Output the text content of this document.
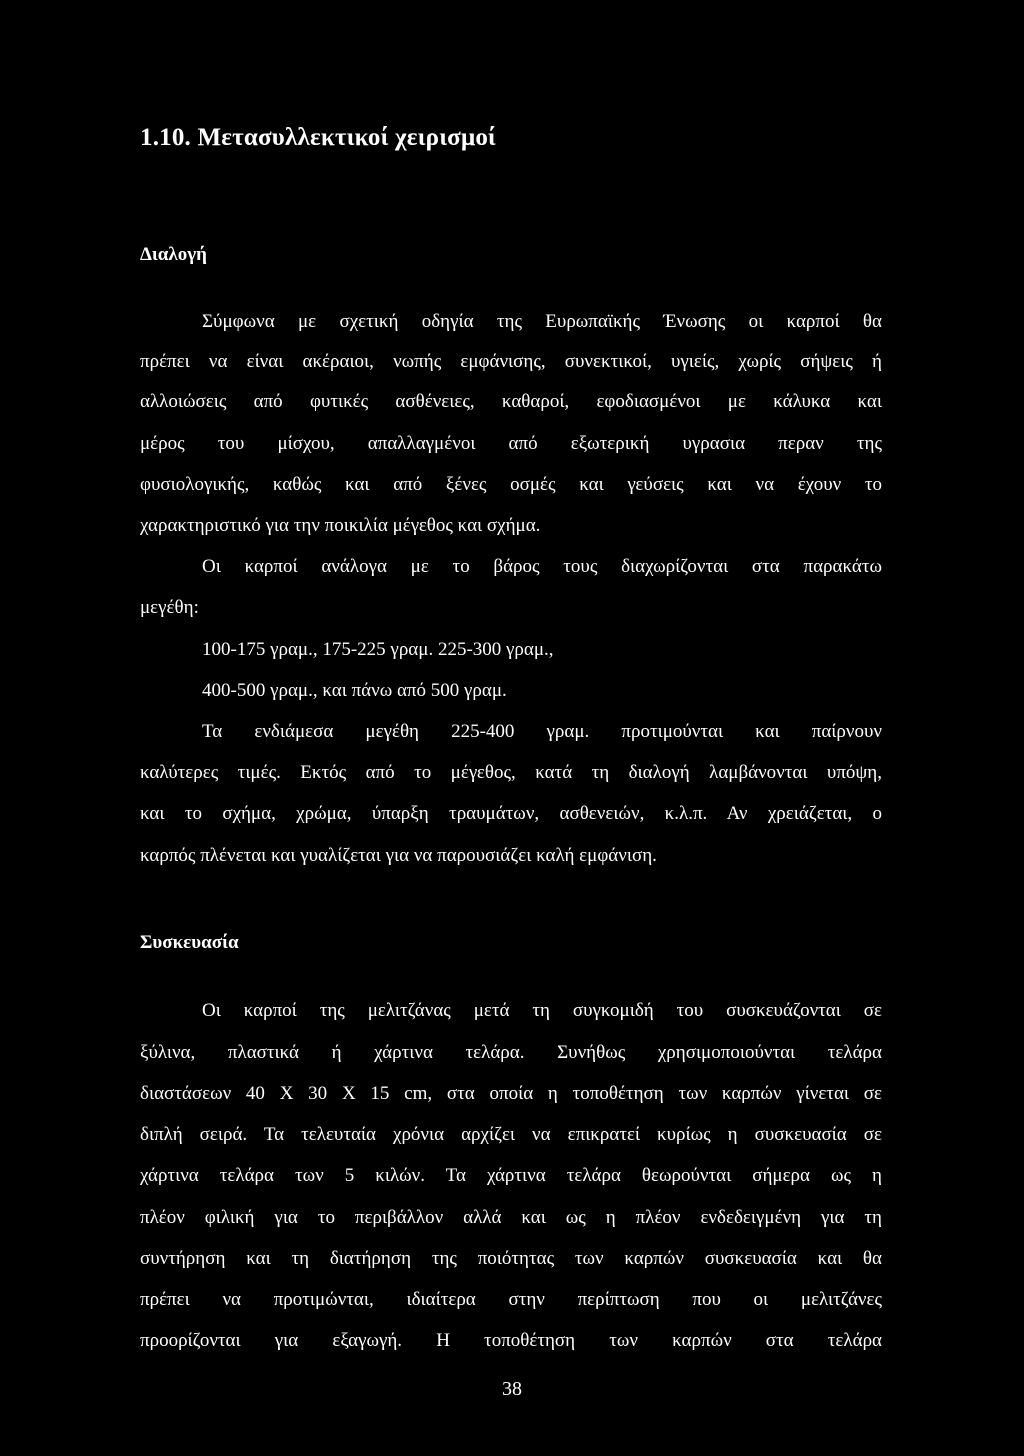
1.10. Μετασυλλεκτικοί χειρισμοί
Διαλογή
Σύμφωνα με σχετική οδηγία της Ευρωπαϊκής Ένωσης οι καρποί θα
πρέπει να είναι ακέραιοι, νωπής εμφάνισης, συνεκτικοί, υγιείς, χωρίς σήψεις ή
αλλοιώσεις από φυτικές ασθένειες, καθαροί, εφοδιασμένοι με κάλυκα και
μέρος του μίσχου, απαλλαγμένοι από εξωτερική υγρασια περαν της
φυσιολογικής, καθώς και από ξένες οσμές και γεύσεις και να έχουν το
χαρακτηριστικό για την ποικιλία μέγεθος και σχήμα.
Οι καρποί ανάλογα με το βάρος τους διαχωρίζονται στα παρακάτω
μεγέθη:
100-175 γραμ., 175-225 γραμ. 225-300 γραμ.,
400-500 γραμ., και πάνω από 500 γραμ.
Τα ενδιάμεσα μεγέθη 225-400 γραμ. προτιμούνται και παίρνουν
καλύτερες τιμές. Εκτός από το μέγεθος, κατά τη διαλογή λαμβάνονται υπόψη,
και το σχήμα, χρώμα, ύπαρξη τραυμάτων, ασθενειών, κ.λ.π. Αν χρειάζεται, ο
καρπός πλένεται και γυαλίζεται για να παρουσιάζει καλή εμφάνιση.
Συσκευασία
Οι καρποί της μελιτζάνας μετά τη συγκομιδή του συσκευάζονται σε
ξύλινα, πλαστικά ή χάρτινα τελάρα. Συνήθως χρησιμοποιούνται τελάρα
διαστάσεων 40 Χ 30 Χ 15 cm, στα οποία η τοποθέτηση των καρπών γίνεται σε
διπλή σειρά. Τα τελευταία χρόνια αρχίζει να επικρατεί κυρίως η συσκευασία σε
χάρτινα τελάρα των 5 κιλών. Τα χάρτινα τελάρα θεωρούνται σήμερα ως η
πλέον φιλική για το περιβάλλον αλλά και ως η πλέον ενδεδειγμένη για τη
συντήρηση και τη διατήρηση της ποιότητας των καρπών συσκευασία και θα
πρέπει να προτιμώνται, ιδιαίτερα στην περίπτωση που οι μελιτζάνες
προορίζονται για εξαγωγή. Η τοποθέτηση των καρπών στα τελάρα
38
